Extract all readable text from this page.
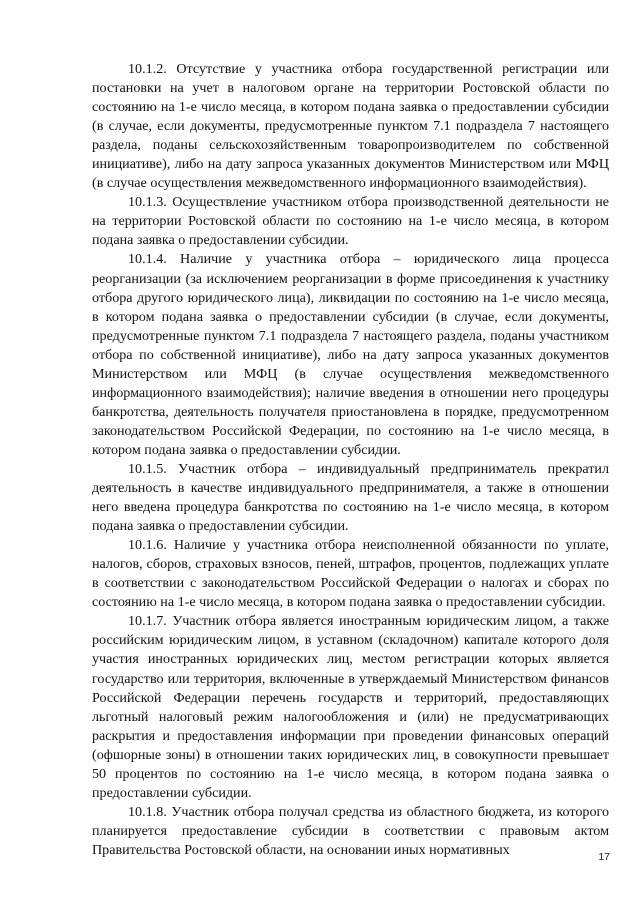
10.1.2. Отсутствие у участника отбора государственной регистрации или постановки на учет в налоговом органе на территории Ростовской области по состоянию на 1-е число месяца, в котором подана заявка о предоставлении субсидии (в случае, если документы, предусмотренные пунктом 7.1 подраздела 7 настоящего раздела, поданы сельскохозяйственным товаропроизводителем по собственной инициативе), либо на дату запроса указанных документов Министерством или МФЦ (в случае осуществления межведомственного информационного взаимодействия).

10.1.3. Осуществление участником отбора производственной деятельности не на территории Ростовской области по состоянию на 1-е число месяца, в котором подана заявка о предоставлении субсидии.

10.1.4. Наличие у участника отбора – юридического лица процесса реорганизации (за исключением реорганизации в форме присоединения к участнику отбора другого юридического лица), ликвидации по состоянию на 1-е число месяца, в котором подана заявка о предоставлении субсидии (в случае, если документы, предусмотренные пунктом 7.1 подраздела 7 настоящего раздела, поданы участником отбора по собственной инициативе), либо на дату запроса указанных документов Министерством или МФЦ (в случае осуществления межведомственного информационного взаимодействия); наличие введения в отношении него процедуры банкротства, деятельность получателя приостановлена в порядке, предусмотренном законодательством Российской Федерации, по состоянию на 1-е число месяца, в котором подана заявка о предоставлении субсидии.

10.1.5. Участник отбора – индивидуальный предприниматель прекратил деятельность в качестве индивидуального предпринимателя, а также в отношении него введена процедура банкротства по состоянию на 1-е число месяца, в котором подана заявка о предоставлении субсидии.

10.1.6. Наличие у участника отбора неисполненной обязанности по уплате, налогов, сборов, страховых взносов, пеней, штрафов, процентов, подлежащих уплате в соответствии с законодательством Российской Федерации о налогах и сборах по состоянию на 1-е число месяца, в котором подана заявка о предоставлении субсидии.

10.1.7. Участник отбора является иностранным юридическим лицом, а также российским юридическим лицом, в уставном (складочном) капитале которого доля участия иностранных юридических лиц, местом регистрации которых является государство или территория, включенные в утверждаемый Министерством финансов Российской Федерации перечень государств и территорий, предоставляющих льготный налоговый режим налогообложения и (или) не предусматривающих раскрытия и предоставления информации при проведении финансовых операций (офшорные зоны) в отношении таких юридических лиц, в совокупности превышает 50 процентов по состоянию на 1-е число месяца, в котором подана заявка о предоставлении субсидии.

10.1.8. Участник отбора получал средства из областного бюджета, из которого планируется предоставление субсидии в соответствии с правовым актом Правительства Ростовской области, на основании иных нормативных	17
